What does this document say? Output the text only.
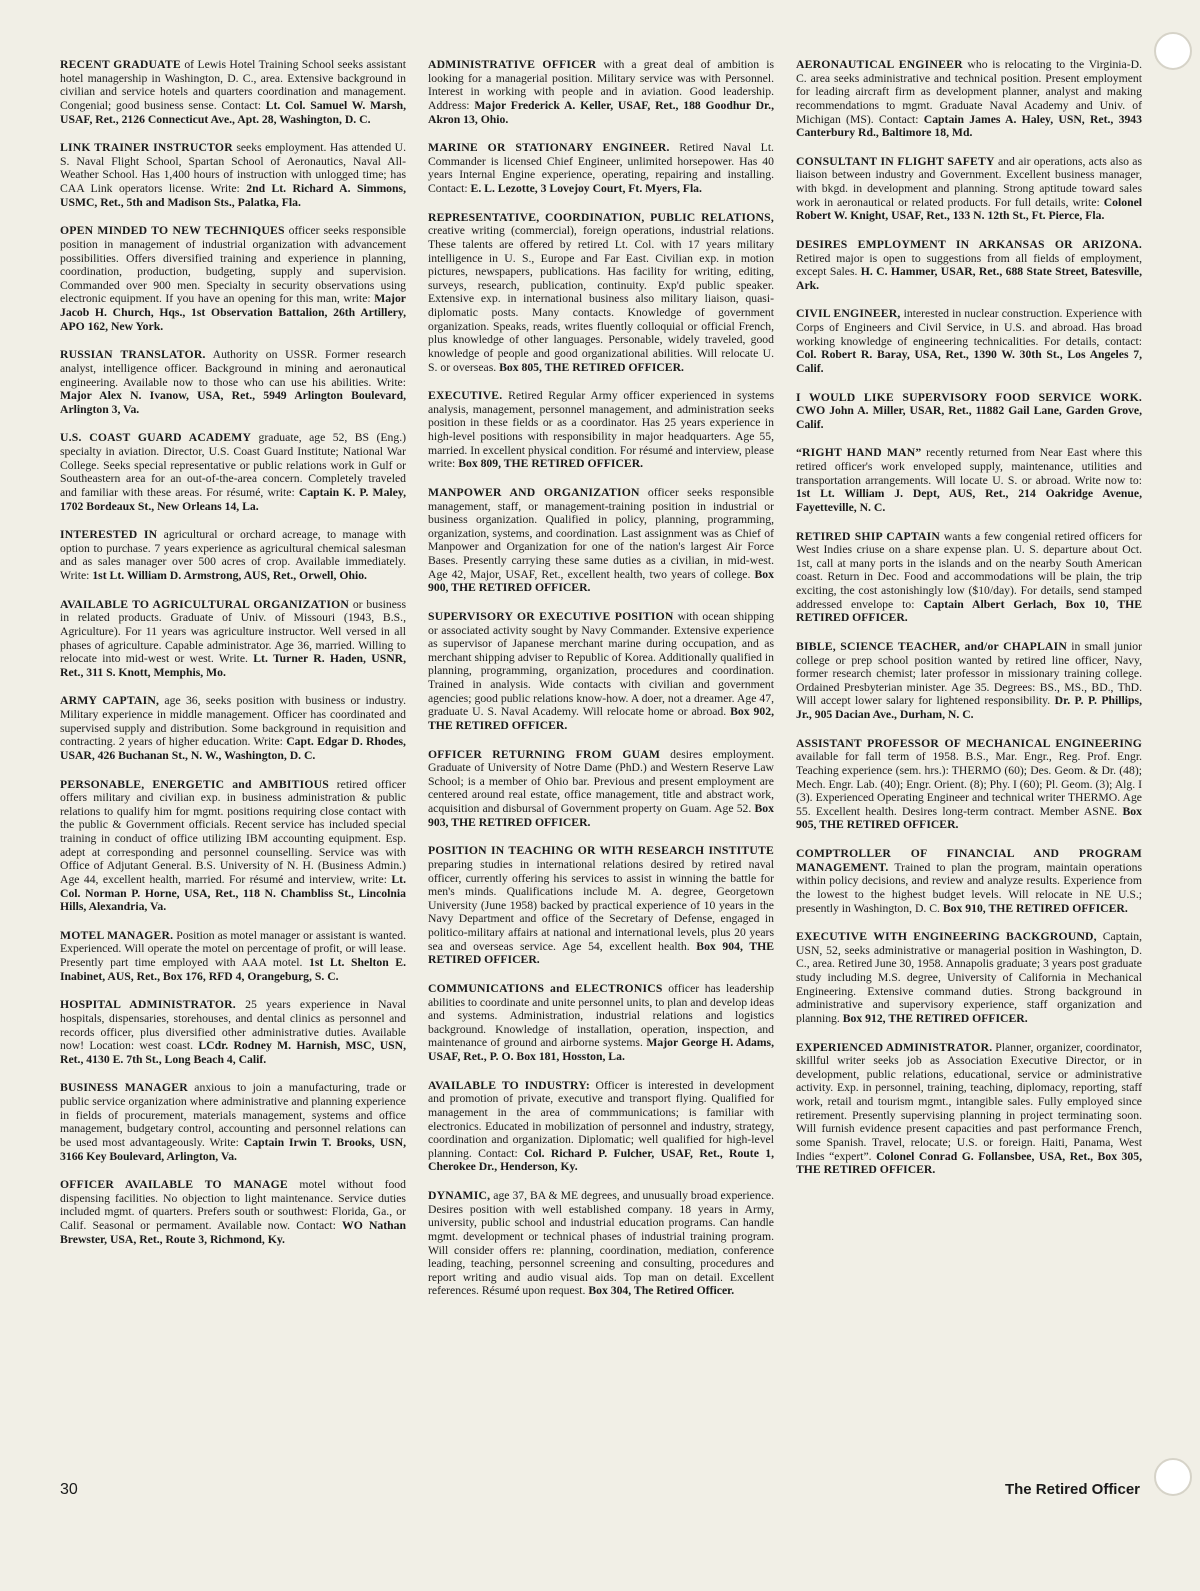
RECENT GRADUATE of Lewis Hotel Training School seeks assistant hotel managership in Washington, D. C., area. Extensive background in civilian and service hotels and quarters coordination and management. Congenial; good business sense. Contact: Lt. Col. Samuel W. Marsh, USAF, Ret., 2126 Connecticut Ave., Apt. 28, Washington, D. C.

LINK TRAINER INSTRUCTOR seeks employment. Has attended U. S. Naval Flight School, Spartan School of Aeronautics, Naval All-Weather School. Has 1,400 hours of instruction with unlogged time; has CAA Link operators license. Write: 2nd Lt. Richard A. Simmons, USMC, Ret., 5th and Madison Sts., Palatka, Fla.

OPEN MINDED TO NEW TECHNIQUES officer seeks responsible position in management of industrial organization with advancement possibilities. Offers diversified training and experience in planning, coordination, production, budgeting, supply and supervision. Commanded over 900 men. Specialty in security observations using electronic equipment. If you have an opening for this man, write: Major Jacob H. Church, Hqs., 1st Observation Battalion, 26th Artillery, APO 162, New York.

RUSSIAN TRANSLATOR. Authority on USSR. Former research analyst, intelligence officer. Background in mining and aeronautical engineering. Available now to those who can use his abilities. Write: Major Alex N. Ivanow, USA, Ret., 5949 Arlington Boulevard, Arlington 3, Va.

U.S. COAST GUARD ACADEMY graduate, age 52, BS (Eng.) specialty in aviation. Director, U.S. Coast Guard Institute; National War College. Seeks special representative or public relations work in Gulf or Southeastern area for an out-of-the-area concern. Completely traveled and familiar with these areas. For résumé, write: Captain K. P. Maley, 1702 Bordeaux St., New Orleans 14, La.

INTERESTED IN agricultural or orchard acreage, to manage with option to purchase. 7 years experience as agricultural chemical salesman and as sales manager over 500 acres of crop. Available immediately. Write: 1st Lt. William D. Armstrong, AUS, Ret., Orwell, Ohio.

AVAILABLE TO AGRICULTURAL ORGANIZATION or business in related products. Graduate of Univ. of Missouri (1943, B.S., Agriculture). For 11 years was agriculture instructor. Well versed in all phases of agriculture. Capable administrator. Age 36, married. Willing to relocate into mid-west or west. Write. Lt. Turner R. Haden, USNR, Ret., 311 S. Knott, Memphis, Mo.

ARMY CAPTAIN, age 36, seeks position with business or industry. Military experience in middle management. Officer has coordinated and supervised supply and distribution. Some background in requisition and contracting. 2 years of higher education. Write: Capt. Edgar D. Rhodes, USAR, 426 Buchanan St., N. W., Washington, D. C.

PERSONABLE, ENERGETIC and AMBITIOUS retired officer offers military and civilian exp. in business administration & public relations to qualify him for mgmt. positions requiring close contact with the public & Government officials. Recent service has included special training in conduct of office utilizing IBM accounting equipment. Esp. adept at corresponding and personnel counselling. Service was with Office of Adjutant General. B.S. University of N. H. (Business Admin.) Age 44, excellent health, married. For résumé and interview, write: Lt. Col. Norman P. Horne, USA, Ret., 118 N. Chambliss St., Lincolnia Hills, Alexandria, Va.

MOTEL MANAGER. Position as motel manager or assistant is wanted. Experienced. Will operate the motel on percentage of profit, or will lease. Presently part time employed with AAA motel. 1st Lt. Shelton E. Inabinet, AUS, Ret., Box 176, RFD 4, Orangeburg, S. C.

HOSPITAL ADMINISTRATOR. 25 years experience in Naval hospitals, dispensaries, storehouses, and dental clinics as personnel and records officer, plus diversified other administrative duties. Available now! Location: west coast. LCdr. Rodney M. Harnish, MSC, USN, Ret., 4130 E. 7th St., Long Beach 4, Calif.

BUSINESS MANAGER anxious to join a manufacturing, trade or public service organization where administrative and planning experience in fields of procurement, materials management, systems and office management, budgetary control, accounting and personnel relations can be used most advantageously. Write: Captain Irwin T. Brooks, USN, 3166 Key Boulevard, Arlington, Va.

OFFICER AVAILABLE TO MANAGE motel without food dispensing facilities. No objection to light maintenance. Service duties included mgmt. of quarters. Prefers south or southwest: Florida, Ga., or Calif. Seasonal or permament. Available now. Contact: WO Nathan Brewster, USA, Ret., Route 3, Richmond, Ky.

ADMINISTRATIVE OFFICER with a great deal of ambition is looking for a managerial position. Military service was with Personnel. Interest in working with people and in aviation. Good leadership. Address: Major Frederick A. Keller, USAF, Ret., 188 Goodhur Dr., Akron 13, Ohio.

MARINE OR STATIONARY ENGINEER. Retired Naval Lt. Commander is licensed Chief Engineer, unlimited horsepower. Has 40 years Internal Engine experience, operating, repairing and installing. Contact: E. L. Lezotte, 3 Lovejoy Court, Ft. Myers, Fla.

REPRESENTATIVE, COORDINATION, PUBLIC RELATIONS, creative writing (commercial), foreign operations, industrial relations. These talents are offered by retired Lt. Col. with 17 years military intelligence in U. S., Europe and Far East. Civilian exp. in motion pictures, newspapers, publications. Has facility for writing, editing, surveys, research, publication, continuity. Exp'd public speaker. Extensive exp. in international business also military liaison, quasi-diplomatic posts. Many contacts. Knowledge of government organization. Speaks, reads, writes fluently colloquial or official French, plus knowledge of other languages. Personable, widely traveled, good knowledge of people and good organizational abilities. Will relocate U. S. or overseas. Box 805, THE RETIRED OFFICER.

EXECUTIVE. Retired Regular Army officer experienced in systems analysis, management, personnel management, and administration seeks position in these fields or as a coordinator. Has 25 years experience in high-level positions with responsibility in major headquarters. Age 55, married. In excellent physical condition. For résumé and interview, please write: Box 809, THE RETIRED OFFICER.

MANPOWER AND ORGANIZATION officer seeks responsible management, staff, or management-training position in industrial or business organization. Qualified in policy, planning, programming, organization, systems, and coordination. Last assignment was as Chief of Manpower and Organization for one of the nation's largest Air Force Bases. Presently carrying these same duties as a civilian, in mid-west. Age 42, Major, USAF, Ret., excellent health, two years of college. Box 900, THE RETIRED OFFICER.

SUPERVISORY OR EXECUTIVE POSITION with ocean shipping or associated activity sought by Navy Commander. Extensive experience as supervisor of Japanese merchant marine during occupation, and as merchant shipping adviser to Republic of Korea. Additionally qualified in planning, programming, organization, procedures and coordination. Trained in analysis. Wide contacts with civilian and government agencies; good public relations know-how. A doer, not a dreamer. Age 47, graduate U. S. Naval Academy. Will relocate home or abroad. Box 902, THE RETIRED OFFICER.

OFFICER RETURNING FROM GUAM desires employment. Graduate of University of Notre Dame (PhD.) and Western Reserve Law School; is a member of Ohio bar. Previous and present employment are centered around real estate, office management, title and abstract work, acquisition and disbursal of Government property on Guam. Age 52. Box 903, THE RETIRED OFFICER.

POSITION IN TEACHING OR WITH RESEARCH INSTITUTE preparing studies in international relations desired by retired naval officer, currently offering his services to assist in winning the battle for men's minds. Qualifications include M. A. degree, Georgetown University (June 1958) backed by practical experience of 10 years in the Navy Department and office of the Secretary of Defense, engaged in politico-military affairs at national and international levels, plus 20 years sea and overseas service. Age 54, excellent health. Box 904, THE RETIRED OFFICER.

COMMUNICATIONS and ELECTRONICS officer has leadership abilities to coordinate and unite personnel units, to plan and develop ideas and systems. Administration, industrial relations and logistics background. Knowledge of installation, operation, inspection, and maintenance of ground and airborne systems. Major George H. Adams, USAF, Ret., P. O. Box 181, Hosston, La.

AVAILABLE TO INDUSTRY: Officer is interested in development and promotion of private, executive and transport flying. Qualified for management in the area of commmunications; is familiar with electronics. Educated in mobilization of personnel and industry, strategy, coordination and organization. Diplomatic; well qualified for high-level planning. Contact: Col. Richard P. Fulcher, USAF, Ret., Route 1, Cherokee Dr., Henderson, Ky.

DYNAMIC, age 37, BA & ME degrees, and unusually broad experience. Desires position with well established company. 18 years in Army, university, public school and industrial education programs. Can handle mgmt. development or technical phases of industrial training program. Will consider offers re: planning, coordination, mediation, conference leading, teaching, personnel screening and consulting, procedures and report writing and audio visual aids. Top man on detail. Excellent references. Résumé upon request. Box 304, The Retired Officer.

AERONAUTICAL ENGINEER who is relocating to the Virginia-D. C. area seeks administrative and technical position. Present employment for leading aircraft firm as development planner, analyst and making recommendations to mgmt. Graduate Naval Academy and Univ. of Michigan (MS). Contact: Captain James A. Haley, USN, Ret., 3943 Canterbury Rd., Baltimore 18, Md.

CONSULTANT IN FLIGHT SAFETY and air operations, acts also as liaison between industry and Government. Excellent business manager, with bkgd. in development and planning. Strong aptitude toward sales work in aeronautical or related products. For full details, write: Colonel Robert W. Knight, USAF, Ret., 133 N. 12th St., Ft. Pierce, Fla.

DESIRES EMPLOYMENT IN ARKANSAS OR ARIZONA. Retired major is open to suggestions from all fields of employment, except Sales. H. C. Hammer, USAR, Ret., 688 State Street, Batesville, Ark.

CIVIL ENGINEER, interested in nuclear construction. Experience with Corps of Engineers and Civil Service, in U.S. and abroad. Has broad working knowledge of engineering technicalities. For details, contact: Col. Robert R. Baray, USA, Ret., 1390 W. 30th St., Los Angeles 7, Calif.

I WOULD LIKE SUPERVISORY FOOD SERVICE WORK. CWO John A. Miller, USAR, Ret., 11882 Gail Lane, Garden Grove, Calif.

“RIGHT HAND MAN” recently returned from Near East where this retired officer's work enveloped supply, maintenance, utilities and transportation arrangements. Will locate U. S. or abroad. Write now to: 1st Lt. William J. Dept, AUS, Ret., 214 Oakridge Avenue, Fayetteville, N. C.

RETIRED SHIP CAPTAIN wants a few congenial retired officers for West Indies criuse on a share expense plan. U. S. departure about Oct. 1st, call at many ports in the islands and on the nearby South American coast. Return in Dec. Food and accommodations will be plain, the trip exciting, the cost astonishingly low ($10/day). For details, send stamped addressed envelope to: Captain Albert Gerlach, Box 10, THE RETIRED OFFICER.

BIBLE, SCIENCE TEACHER, and/or CHAPLAIN in small junior college or prep school position wanted by retired line officer, Navy, former research chemist; later professor in missionary training college. Ordained Presbyterian minister. Age 35. Degrees: BS., MS., BD., ThD. Will accept lower salary for lightened responsibility. Dr. P. P. Phillips, Jr., 905 Dacian Ave., Durham, N. C.

ASSISTANT PROFESSOR OF MECHANICAL ENGINEERING available for fall term of 1958. B.S., Mar. Engr., Reg. Prof. Engr. Teaching experience (sem. hrs.): THERMO (60); Des. Geom. & Dr. (48); Mech. Engr. Lab. (40); Engr. Orient. (8); Phy. I (60); Pl. Geom. (3); Alg. I (3). Experienced Operating Engineer and technical writer THERMO. Age 55. Excellent health. Desires long-term contract. Member ASNE. Box 905, THE RETIRED OFFICER.

COMPTROLLER OF FINANCIAL AND PROGRAM MANAGEMENT. Trained to plan the program, maintain operations within policy decisions, and review and analyze results. Experience from the lowest to the highest budget levels. Will relocate in NE U.S.; presently in Washington, D. C. Box 910, THE RETIRED OFFICER.

EXECUTIVE WITH ENGINEERING BACKGROUND, Captain, USN, 52, seeks administrative or managerial position in Washington, D. C., area. Retired June 30, 1958. Annapolis graduate; 3 years post graduate study including M.S. degree, University of California in Mechanical Engineering. Extensive command duties. Strong background in administrative and supervisory experience, staff organization and planning. Box 912, THE RETIRED OFFICER.

EXPERIENCED ADMINISTRATOR. Planner, organizer, coordinator, skillful writer seeks job as Association Executive Director, or in development, public relations, educational, service or administrative activity. Exp. in personnel, training, teaching, diplomacy, reporting, staff work, retail and tourism mgmt., intangible sales. Fully employed since retirement. Presently supervising planning in project terminating soon. Will furnish evidence present capacities and past performance French, some Spanish. Travel, relocate; U.S. or foreign. Haiti, Panama, West Indies “expert”. Colonel Conrad G. Follansbee, USA, Ret., Box 305, THE RETIRED OFFICER.

30	The Retired Officer
